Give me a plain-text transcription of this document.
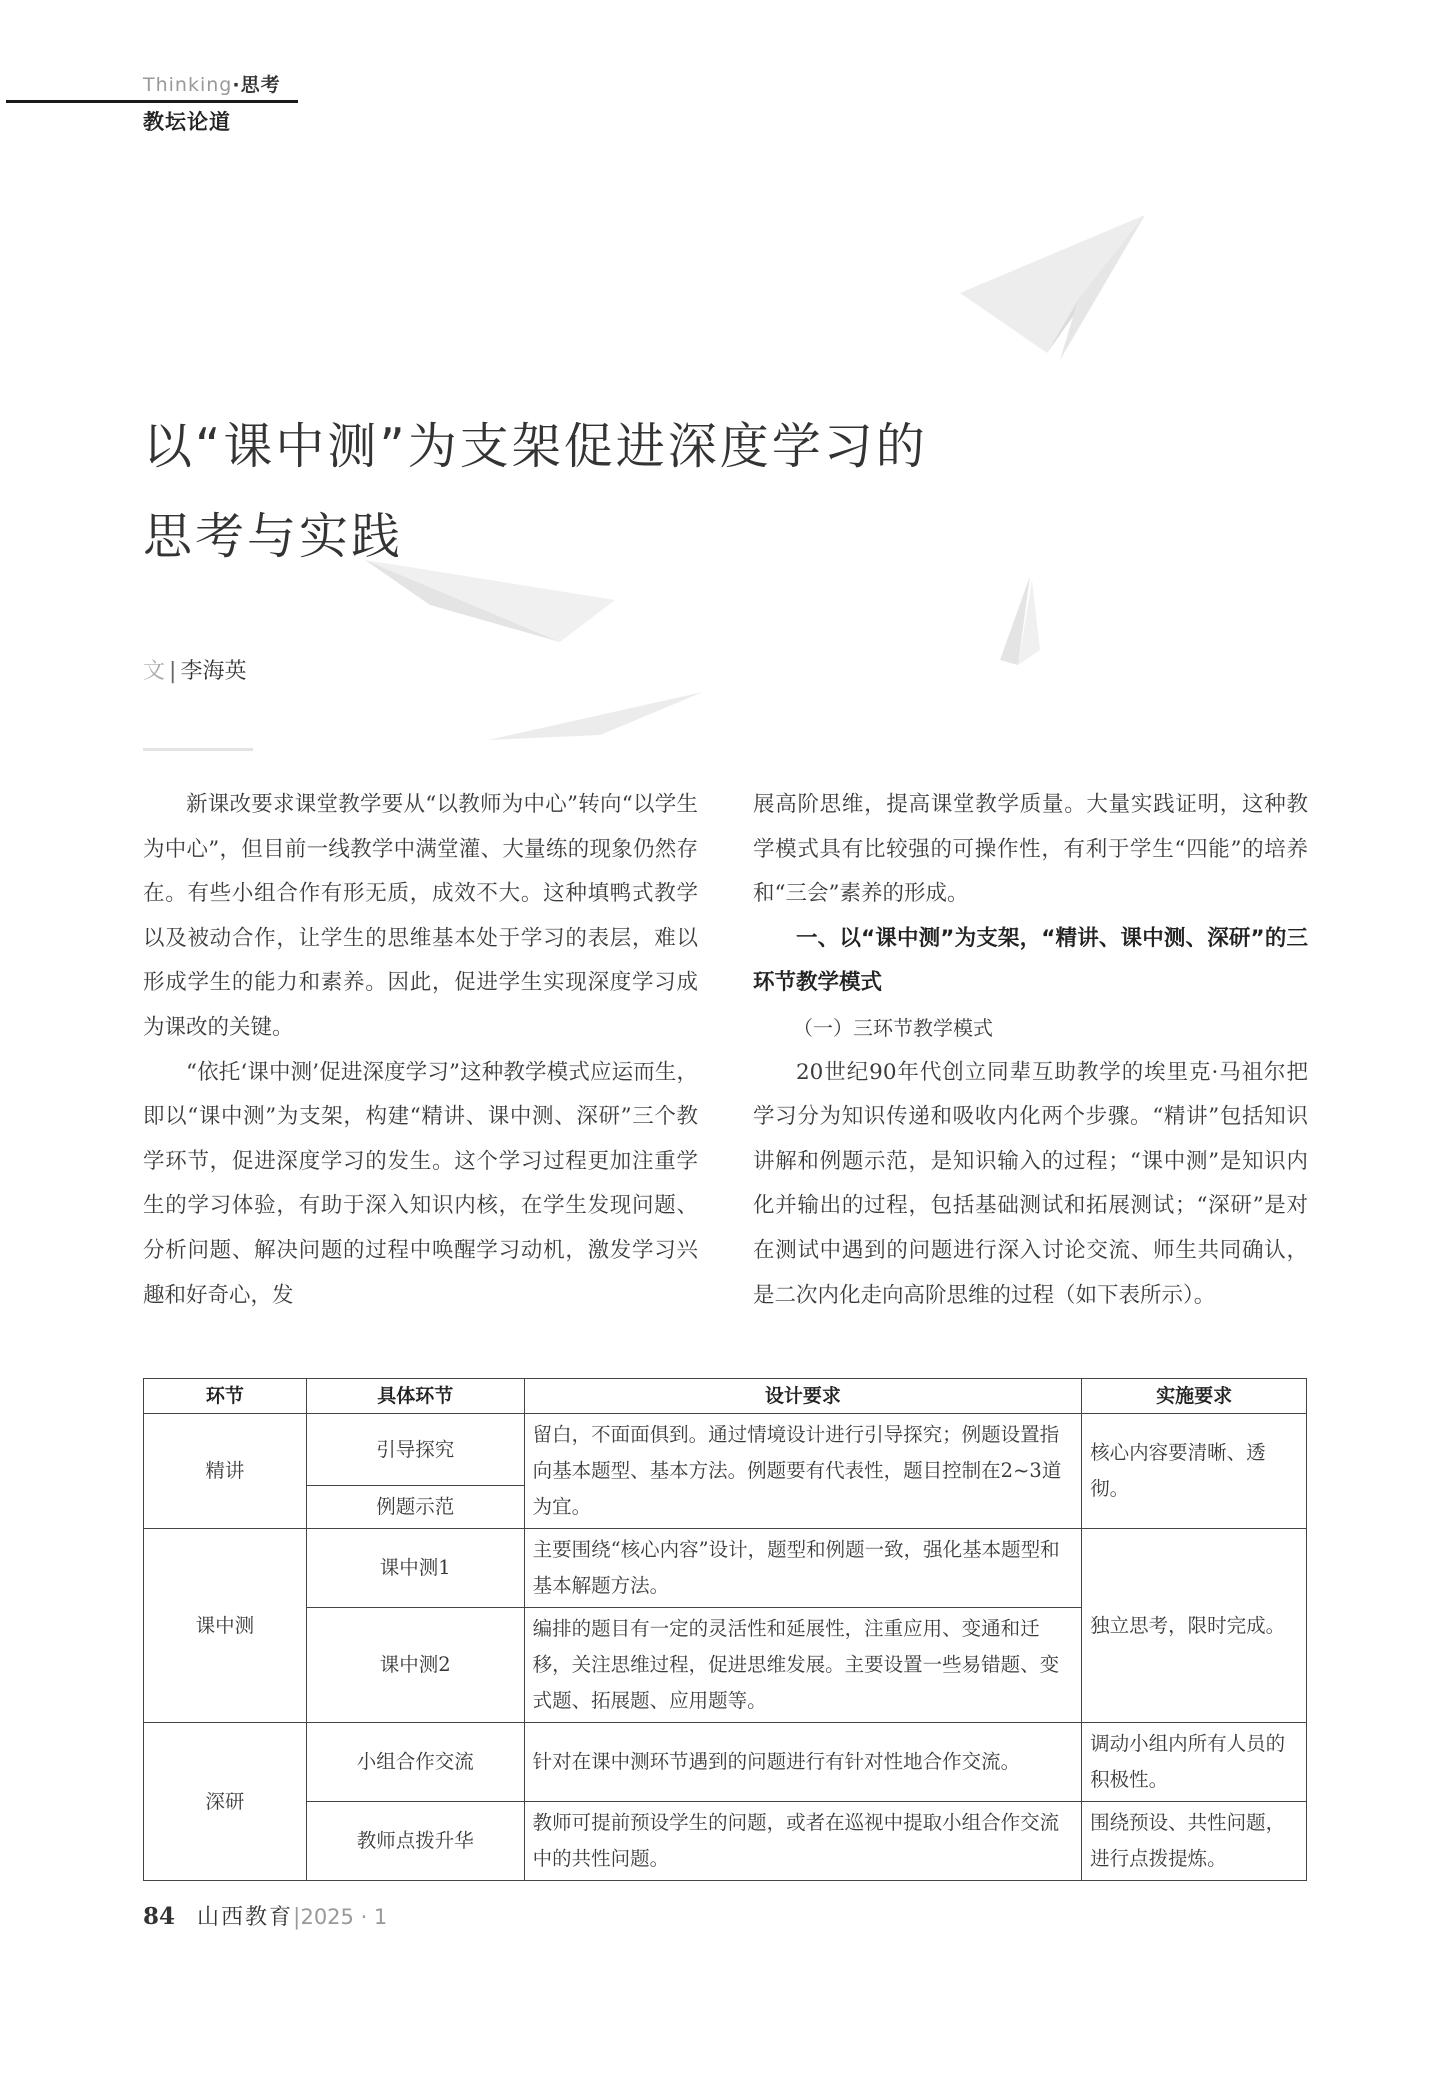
Thinking·思考
教坛论道
以“课中测”为支架促进深度学习的
思考与实践
文 | 李海英

新课改要求课堂教学要从“以教师为中心”转向“以学生为中心”，但目前一线教学中满堂灌、大量练的现象仍然存在。有些小组合作有形无质，成效不大。这种填鸭式教学以及被动合作，让学生的思维基本处于学习的表层，难以形成学生的能力和素养。因此，促进学生实现深度学习成为课改的关键。

“依托‘课中测’促进深度学习”这种教学模式应运而生，即以“课中测”为支架，构建“精讲、课中测、深研”三个教学环节，促进深度学习的发生。这个学习过程更加注重学生的学习体验，有助于深入知识内核，在学生发现问题、分析问题、解决问题的过程中唤醒学习动机，激发学习兴趣和好奇心，发

展高阶思维，提高课堂教学质量。大量实践证明，这种教学模式具有比较强的可操作性，有利于学生“四能”的培养和“三会”素养的形成。

一、以“课中测”为支架，“精讲、课中测、深研”的三环节教学模式

（一）三环节教学模式

20世纪90年代创立同辈互助教学的埃里克·马祖尔把学习分为知识传递和吸收内化两个步骤。“精讲”包括知识讲解和例题示范，是知识输入的过程；“课中测”是知识内化并输出的过程，包括基础测试和拓展测试；“深研”是对在测试中遇到的问题进行深入讨论交流、师生共同确认，是二次内化走向高阶思维的过程（如下表所示）。

环节	具体环节	设计要求	实施要求
精讲	引导探究	留白，不面面俱到。通过情境设计进行引导探究；例题设置指向基本题型、基本方法。例题要有代表性，题目控制在2~3道为宜。	核心内容要清晰、透彻。
	例题示范		
课中测	课中测1	主要围绕“核心内容”设计，题型和例题一致，强化基本题型和基本解题方法。	独立思考，限时完成。
	课中测2	编排的题目有一定的灵活性和延展性，注重应用、变通和迁移，关注思维过程，促进思维发展。主要设置一些易错题、变式题、拓展题、应用题等。	
深研	小组合作交流	针对在课中测环节遇到的问题进行有针对性地合作交流。	调动小组内所有人员的积极性。
	教师点拨升华	教师可提前预设学生的问题，或者在巡视中提取小组合作交流中的共性问题。	围绕预设、共性问题，进行点拨提炼。
84 山西教育|2025 · 1
